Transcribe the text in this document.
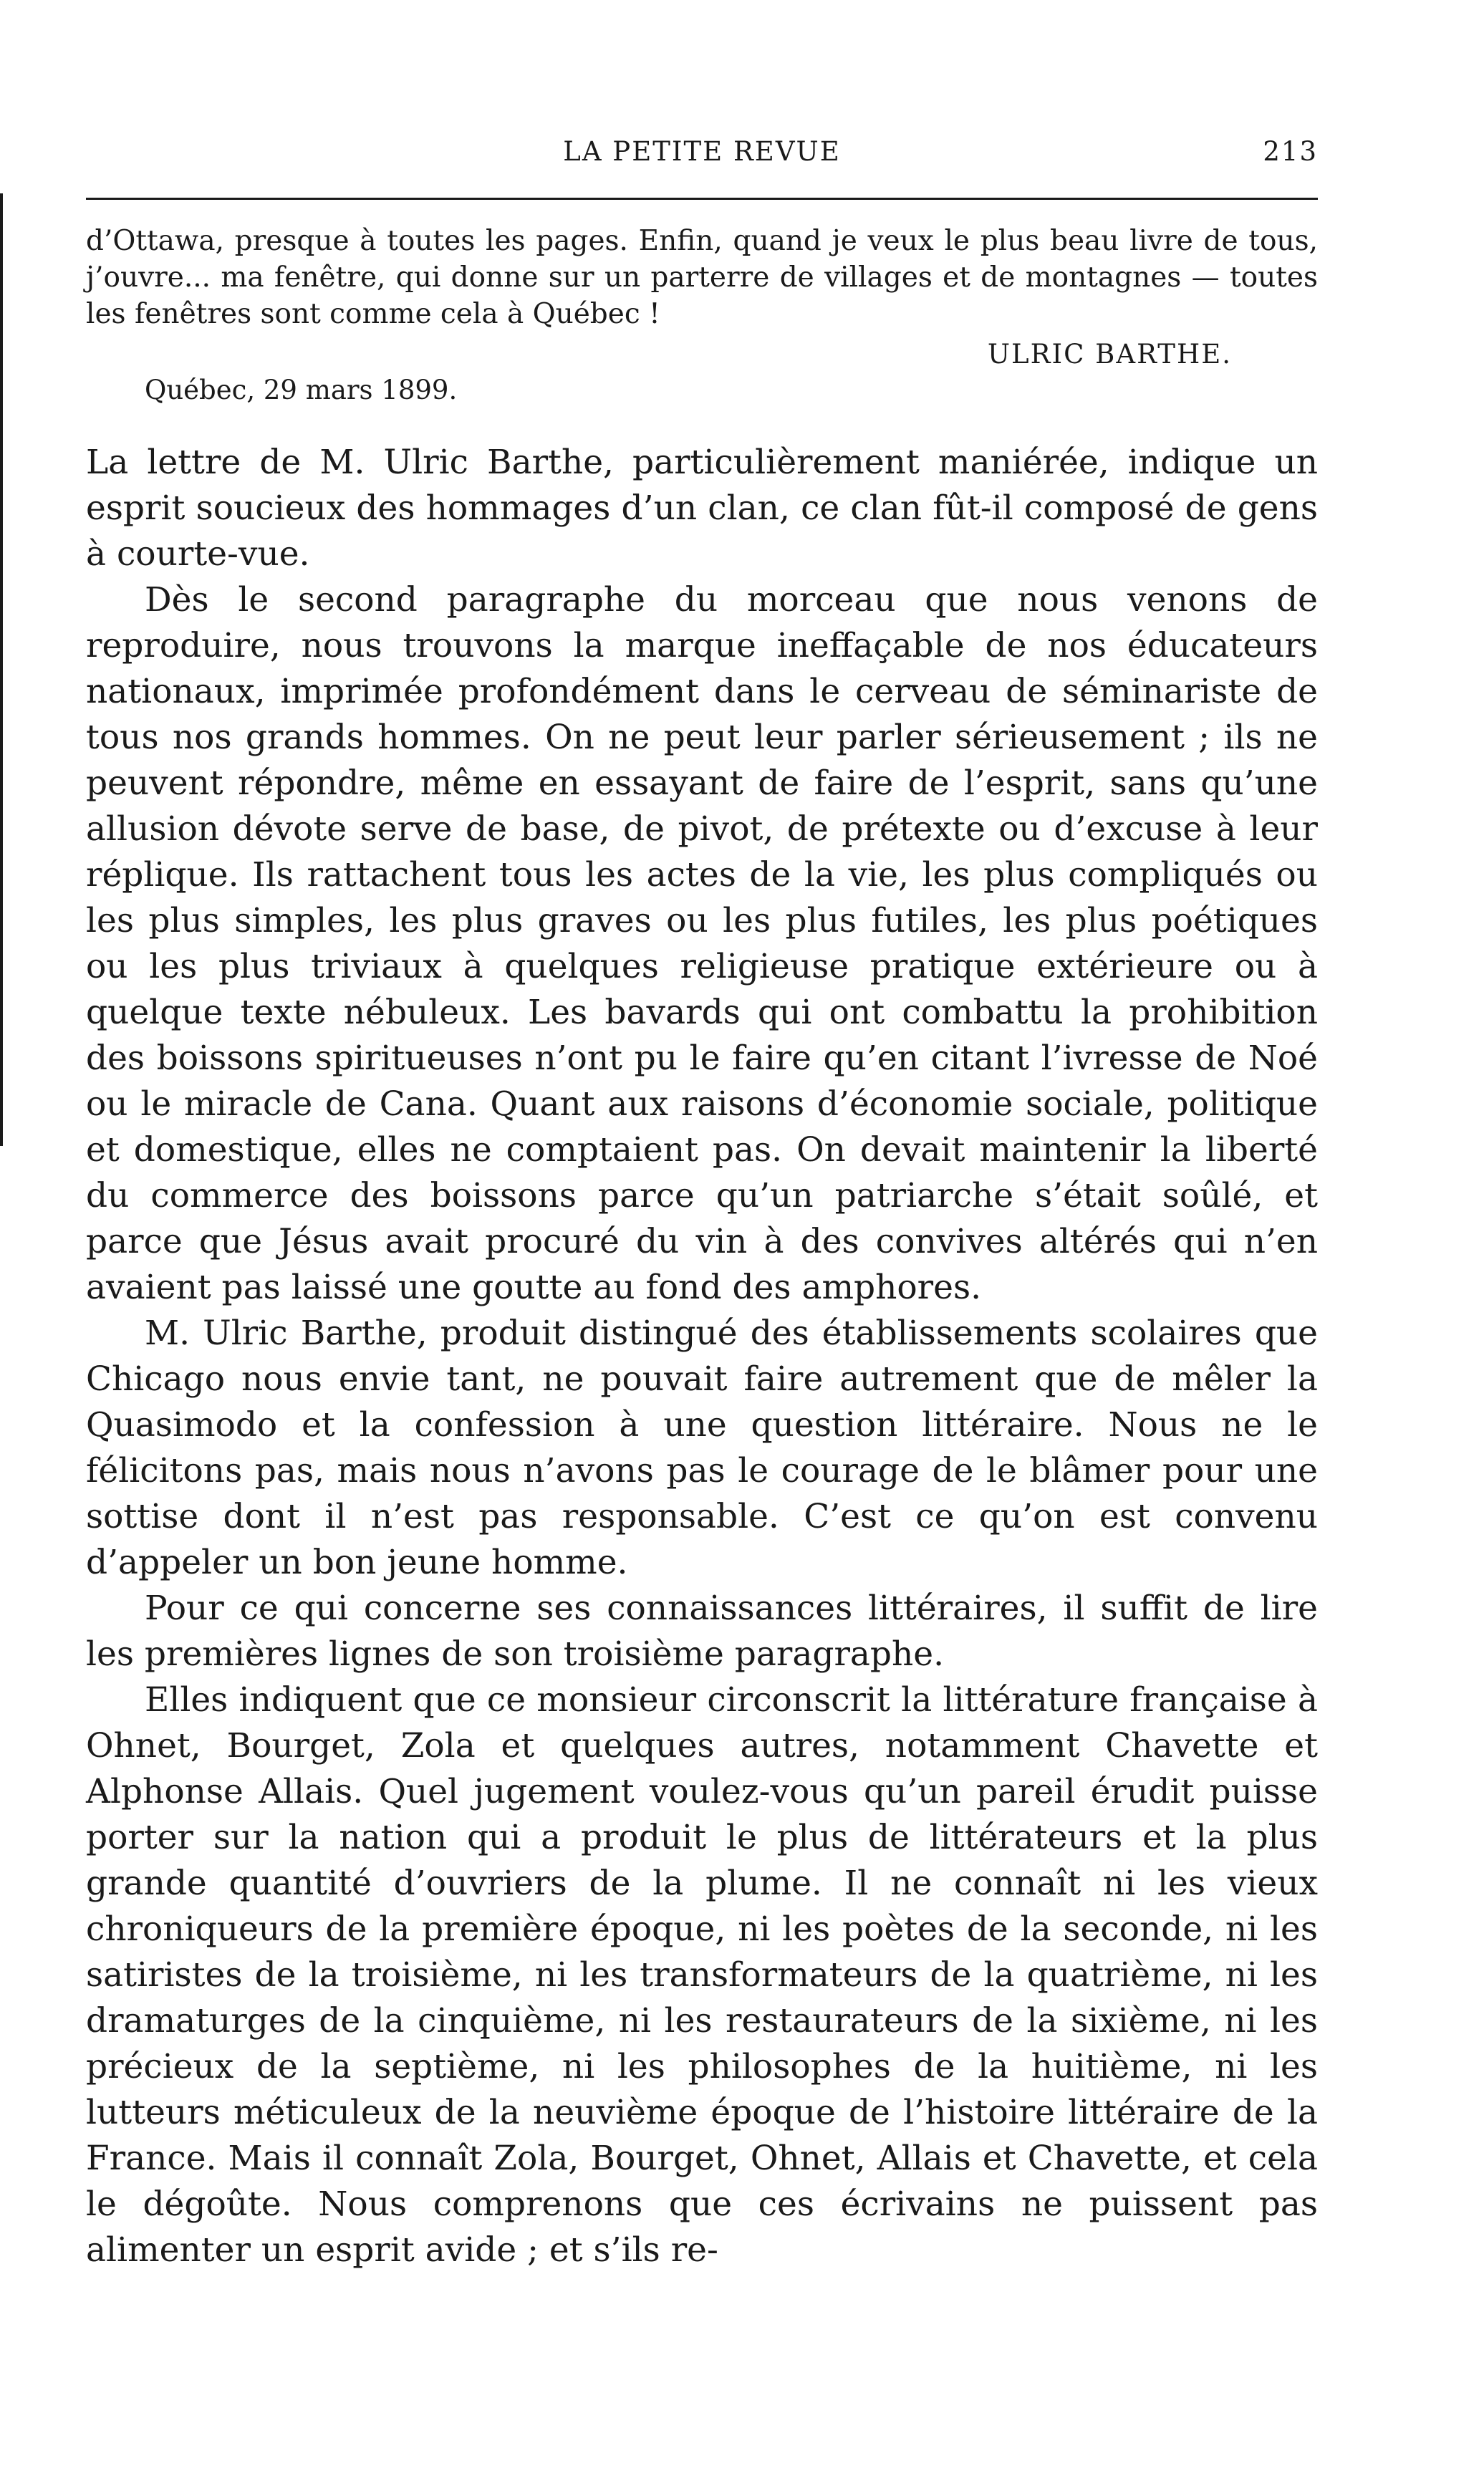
LA PETITE REVUE	213

d’Ottawa, presque à toutes les pages. Enfin, quand je veux le plus beau livre de tous, j’ouvre... ma fenêtre, qui donne sur un parterre de villages et de montagnes — toutes les fenêtres sont comme cela à Québec !

ULRIC BARTHE.
Québec, 29 mars 1899.

La lettre de M. Ulric Barthe, particulièrement maniérée, indique un esprit soucieux des hommages d’un clan, ce clan fût-il composé de gens à courte-vue.

Dès le second paragraphe du morceau que nous venons de reproduire, nous trouvons la marque ineffaçable de nos éducateurs nationaux, imprimée profondément dans le cerveau de séminariste de tous nos grands hommes. On ne peut leur parler sérieusement ; ils ne peuvent répondre, même en essayant de faire de l’esprit, sans qu’une allusion dévote serve de base, de pivot, de prétexte ou d’excuse à leur réplique. Ils rattachent tous les actes de la vie, les plus compliqués ou les plus simples, les plus graves ou les plus futiles, les plus poétiques ou les plus triviaux à quelques religieuse pratique extérieure ou à quelque texte nébuleux. Les bavards qui ont combattu la prohibition des boissons spiritueuses n’ont pu le faire qu’en citant l’ivresse de Noé ou le miracle de Cana. Quant aux raisons d’économie sociale, politique et domestique, elles ne comptaient pas. On devait maintenir la liberté du commerce des boissons parce qu’un patriarche s’était soûlé, et parce que Jésus avait procuré du vin à des convives altérés qui n’en avaient pas laissé une goutte au fond des amphores.

M. Ulric Barthe, produit distingué des établissements scolaires que Chicago nous envie tant, ne pouvait faire autrement que de mêler la Quasimodo et la confession à une question littéraire. Nous ne le félicitons pas, mais nous n’avons pas le courage de le blâmer pour une sottise dont il n’est pas responsable. C’est ce qu’on est convenu d’appeler un bon jeune homme.

Pour ce qui concerne ses connaissances littéraires, il suffit de lire les premières lignes de son troisième paragraphe.

Elles indiquent que ce monsieur circonscrit la littérature française à Ohnet, Bourget, Zola et quelques autres, notamment Chavette et Alphonse Allais. Quel jugement voulez-vous qu’un pareil érudit puisse porter sur la nation qui a produit le plus de littérateurs et la plus grande quantité d’ouvriers de la plume. Il ne connaît ni les vieux chroniqueurs de la première époque, ni les poètes de la seconde, ni les satiristes de la troisième, ni les transformateurs de la quatrième, ni les dramaturges de la cinquième, ni les restaurateurs de la sixième, ni les précieux de la septième, ni les philosophes de la huitième, ni les lutteurs méticuleux de la neuvième époque de l’histoire littéraire de la France. Mais il connaît Zola, Bourget, Ohnet, Allais et Chavette, et cela le dégoûte. Nous comprenons que ces écrivains ne puissent pas alimenter un esprit avide ; et s’ils re-
